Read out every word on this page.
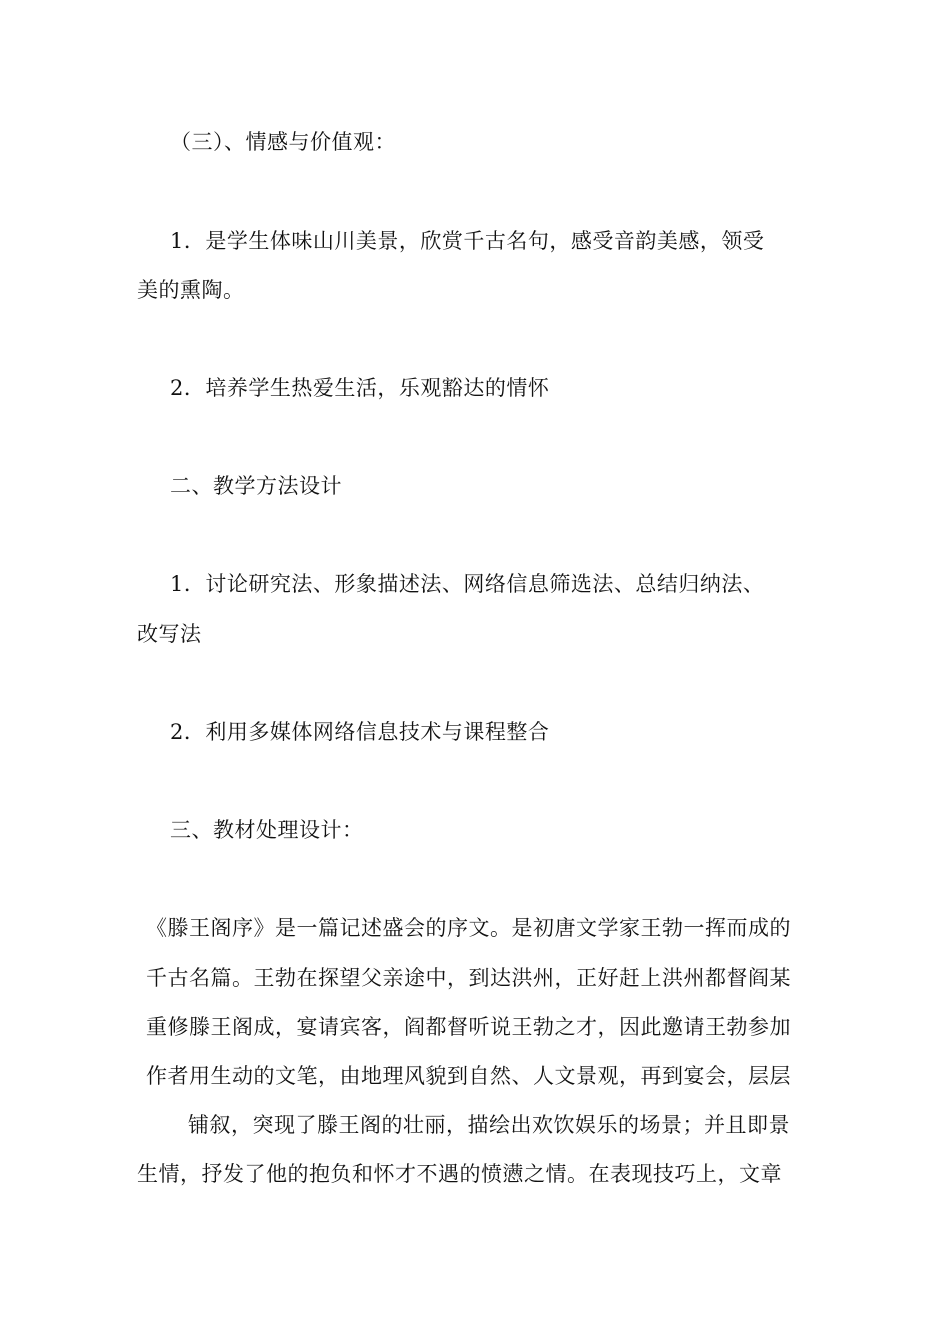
（三）、情感与价值观：
1．是学生体味山川美景，欣赏千古名句，感受音韵美感，领受
美的熏陶。
2．培养学生热爱生活，乐观豁达的情怀
二、教学方法设计
1．讨论研究法、形象描述法、网络信息筛选法、总结归纳法、
改写法
2．利用多媒体网络信息技术与课程整合
三、教材处理设计：
《滕王阁序》是一篇记述盛会的序文。是初唐文学家王勃一挥而成的
千古名篇。王勃在探望父亲途中，到达洪州，正好赶上洪州都督阎某
重修滕王阁成，宴请宾客，阎都督听说王勃之才，因此邀请王勃参加
作者用生动的文笔，由地理风貌到自然、人文景观，再到宴会，层层
铺叙，突现了滕王阁的壮丽，描绘出欢饮娱乐的场景；并且即景
生情，抒发了他的抱负和怀才不遇的愤懑之情。在表现技巧上，文章
